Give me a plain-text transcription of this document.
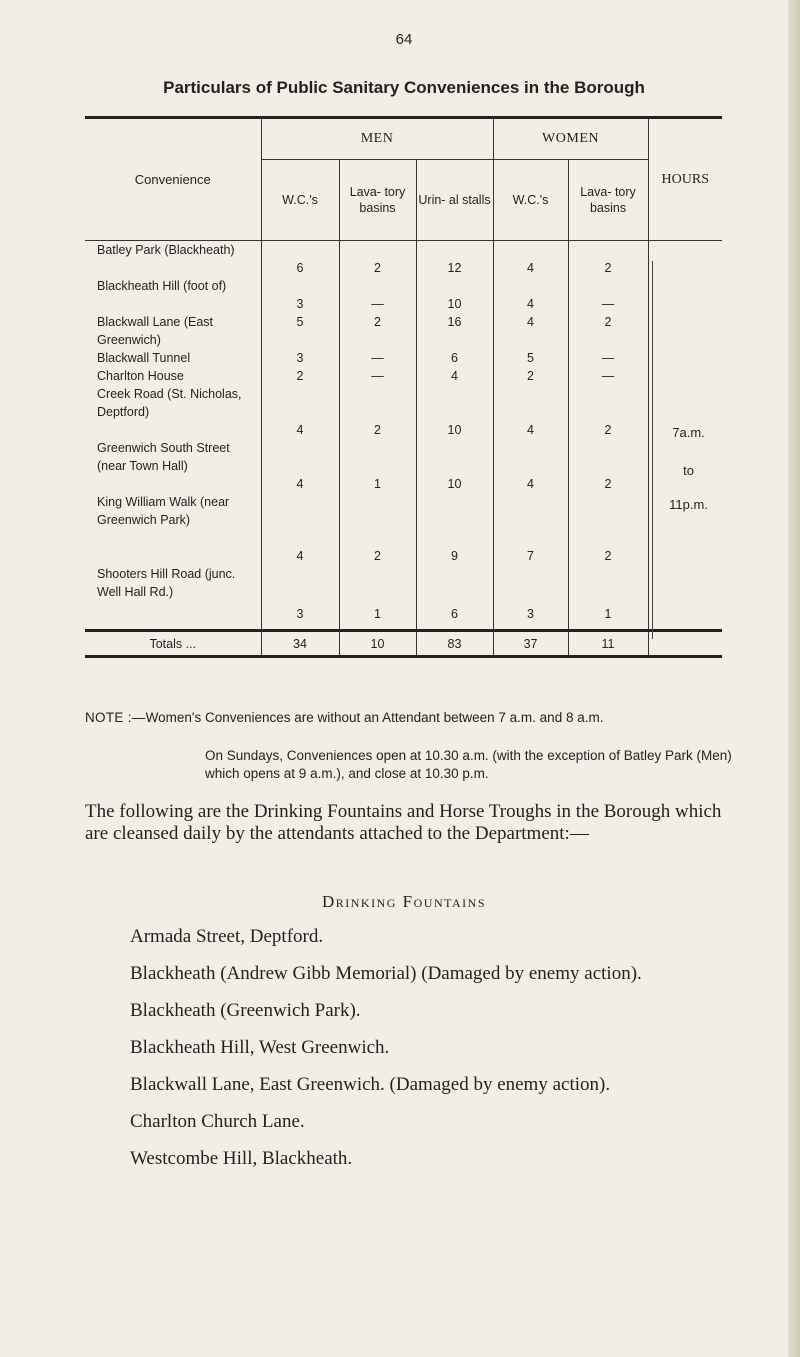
64
Particulars of Public Sanitary Conveniences in the Borough
Convenience	MEN			WOMEN		HOURS
	W.C.'s	Lava- tory basins	Urin- al stalls	W.C.'s	Lava- tory basins	
Batley Park (Blackheath)	6	2	12	4	2	7a.m.
to
11p.m.

Blackheath Hill (foot of)	3	—	10	4	—	
Blackwall Lane (East Greenwich)	5	2	16	4	2	
Blackwall Tunnel	3	—	6	5	—	
Charlton House	2	—	4	2	—	
Creek Road (St. Nicholas, Deptford)	4	2	10	4	2	
Greenwich South Street (near Town Hall)	4	1	10	4	2	
King William Walk (near Greenwich Park)	4	2	9	7	2	
Shooters Hill Road (junc. Well Hall Rd.)	3	1	6	3	1	
Totals ...	34	10	83	37	11	
NOTE :—Women's Conveniences are without an Attendant between 7 a.m. and 8 a.m.
On Sundays, Conveniences open at 10.30 a.m. (with the exception of Batley Park (Men) which opens at 9 a.m.), and close at 10.30 p.m.
The following are the Drinking Fountains and Horse Troughs in the Borough which are cleansed daily by the attendants attached to the Department:—
Drinking Fountains
Armada Street, Deptford.
Blackheath (Andrew Gibb Memorial) (Damaged by enemy action).
Blackheath (Greenwich Park).
Blackheath Hill, West Greenwich.
Blackwall Lane, East Greenwich. (Damaged by enemy action).
Charlton Church Lane.
Westcombe Hill, Blackheath.
